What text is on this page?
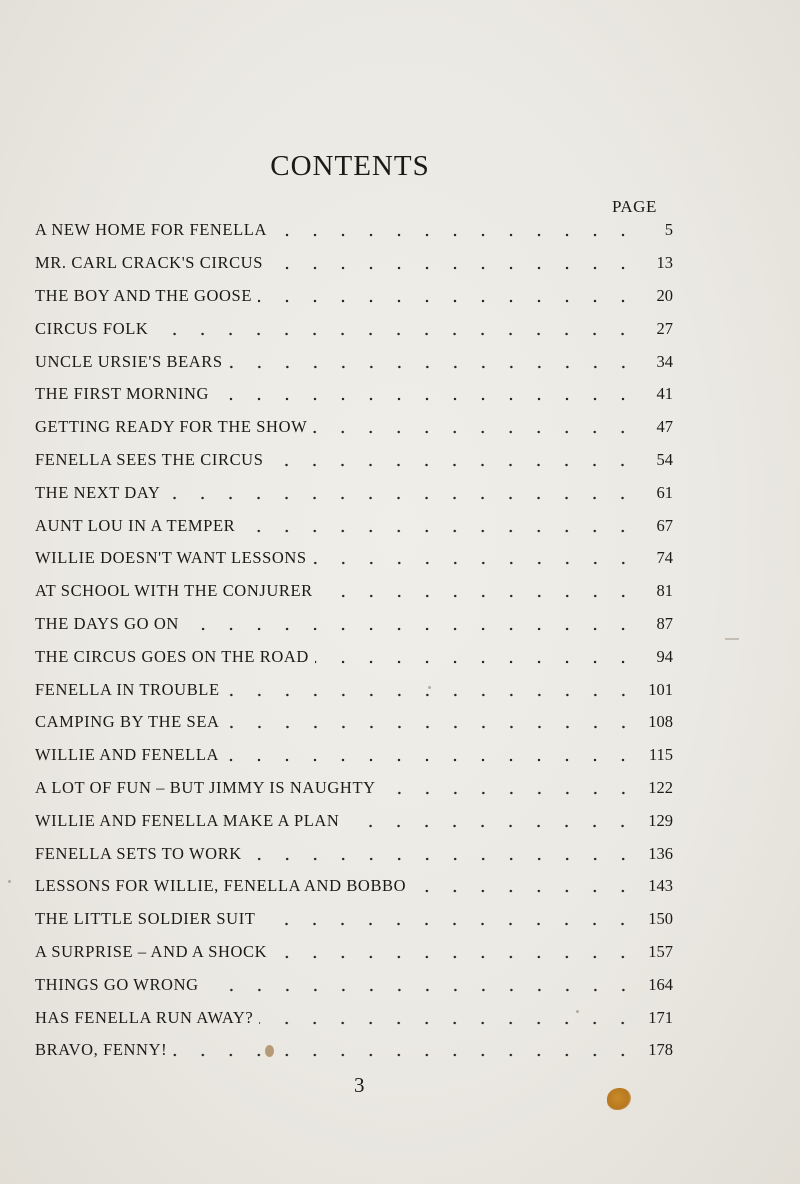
CONTENTS
PAGE
A NEW HOME FOR FENELLA	5
MR. CARL CRACK'S CIRCUS	13
THE BOY AND THE GOOSE	20
CIRCUS FOLK	27
UNCLE URSIE'S BEARS	34
THE FIRST MORNING	41
GETTING READY FOR THE SHOW	47
FENELLA SEES THE CIRCUS	54
THE NEXT DAY	61
AUNT LOU IN A TEMPER	67
WILLIE DOESN'T WANT LESSONS	74
AT SCHOOL WITH THE CONJURER	81
THE DAYS GO ON	87
THE CIRCUS GOES ON THE ROAD	94
FENELLA IN TROUBLE	101
CAMPING BY THE SEA	108
WILLIE AND FENELLA	115
A LOT OF FUN – BUT JIMMY IS NAUGHTY	122
WILLIE AND FENELLA MAKE A PLAN	129
FENELLA SETS TO WORK	136
LESSONS FOR WILLIE, FENELLA AND BOBBO	143
THE LITTLE SOLDIER SUIT	150
A SURPRISE – AND A SHOCK	157
THINGS GO WRONG	164
HAS FENELLA RUN AWAY?	171
BRAVO, FENNY!	178
3
